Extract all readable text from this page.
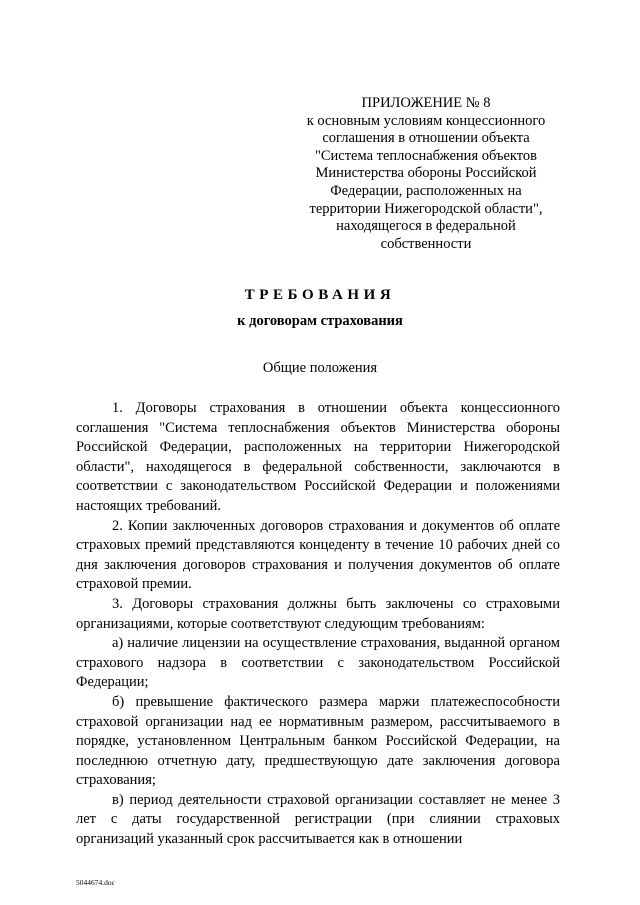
ПРИЛОЖЕНИЕ № 8
к основным условиям концессионного
соглашения в отношении объекта
"Система теплоснабжения объектов
Министерства обороны Российской
Федерации, расположенных на
территории Нижегородской области",
находящегося в федеральной
собственности
ТРЕБОВАНИЯ
к договорам страхования
Общие положения

1. Договоры страхования в отношении объекта концессионного соглашения "Система теплоснабжения объектов Министерства обороны Российской Федерации, расположенных на территории Нижегородской области", находящегося в федеральной собственности, заключаются в соответствии с законодательством Российской Федерации и положениями настоящих требований.

2. Копии заключенных договоров страхования и документов об оплате страховых премий представляются концеденту в течение 10 рабочих дней со дня заключения договоров страхования и получения документов об оплате страховой премии.

3. Договоры страхования должны быть заключены со страховыми организациями, которые соответствуют следующим требованиям:

а) наличие лицензии на осуществление страхования, выданной органом страхового надзора в соответствии с законодательством Российской Федерации;

б) превышение фактического размера маржи платежеспособности страховой организации над ее нормативным размером, рассчитываемого в порядке, установленном Центральным банком Российской Федерации, на последнюю отчетную дату, предшествующую дате заключения договора страхования;

в) период деятельности страховой организации составляет не менее 3 лет с даты государственной регистрации (при слиянии страховых организаций указанный срок рассчитывается как в отношении

5044674.doc
